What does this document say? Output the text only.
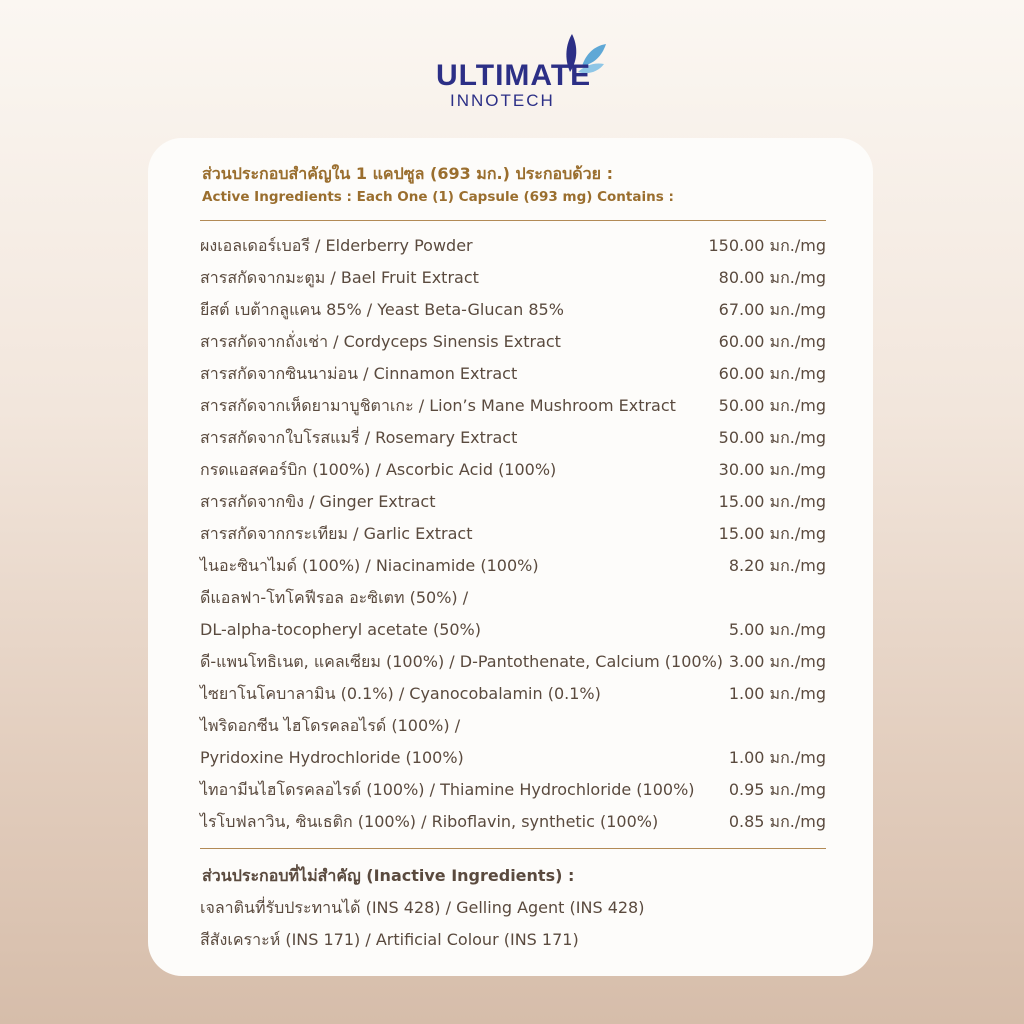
ULTIMATE
INNOTECH
ส่วนประกอบสำคัญใน 1 แคปซูล (693 มก.) ประกอบด้วย :
Active Ingredients : Each One (1) Capsule (693 mg) Contains :
ผงเอลเดอร์เบอรี / Elderberry Powder	150.00 มก./mg
สารสกัดจากมะตูม / Bael Fruit Extract	80.00 มก./mg
ยีสต์ เบต้ากลูแคน 85% / Yeast Beta-Glucan 85%	67.00 มก./mg
สารสกัดจากถั่งเช่า / Cordyceps Sinensis Extract	60.00 มก./mg
สารสกัดจากซินนาม่อน / Cinnamon Extract	60.00 มก./mg
สารสกัดจากเห็ดยามาบูชิตาเกะ / Lion’s Mane Mushroom Extract	50.00 มก./mg
สารสกัดจากใบโรสแมรี่ / Rosemary Extract	50.00 มก./mg
กรดแอสคอร์บิก (100%) / Ascorbic Acid (100%)	30.00 มก./mg
สารสกัดจากขิง / Ginger Extract	15.00 มก./mg
สารสกัดจากกระเทียม / Garlic Extract	15.00 มก./mg
ไนอะซินาไมด์ (100%) / Niacinamide (100%)	8.20 มก./mg
ดีแอลฟา-โทโคฟีรอล อะซิเตท (50%) /
DL-alpha-tocopheryl acetate (50%)	5.00 มก./mg
ดี-แพนโทธิเนต, แคลเซียม (100%) / D-Pantothenate, Calcium (100%) 3.00 มก./mg
ไซยาโนโคบาลามิน (0.1%) / Cyanocobalamin (0.1%)	1.00 มก./mg
ไพริดอกซีน ไฮโดรคลอไรด์ (100%) /
Pyridoxine Hydrochloride (100%)	1.00 มก./mg
ไทอามีนไฮโดรคลอไรด์ (100%) / Thiamine Hydrochloride (100%) 0.95 มก./mg
ไรโบฟลาวิน, ซินเธติก (100%) / Riboflavin, synthetic (100%)	0.85 มก./mg
ส่วนประกอบที่ไม่สำคัญ (Inactive Ingredients) :
เจลาตินที่รับประทานได้ (INS 428) / Gelling Agent (INS 428)
สีสังเคราะห์ (INS 171) / Artificial Colour (INS 171)
